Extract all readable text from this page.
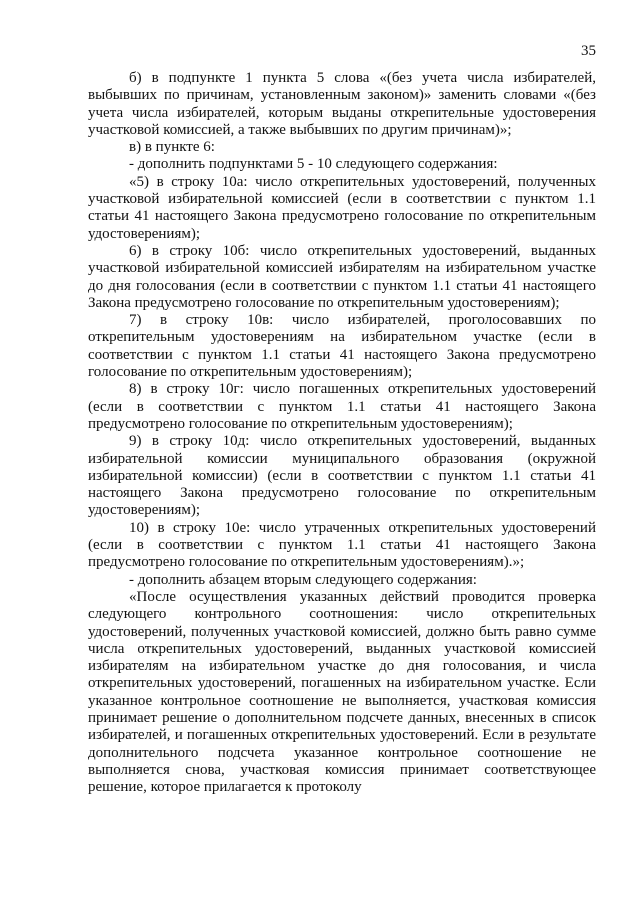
35

б) в подпункте 1 пункта 5 слова «(без учета числа избирателей, выбывших по причинам, установленным законом)» заменить словами «(без учета числа избирателей, которым выданы открепительные удостоверения участковой комиссией, а также выбывших по другим причинам)»;

в) в пункте 6:

- дополнить подпунктами 5 - 10 следующего содержания:

«5) в строку 10а: число открепительных удостоверений, полученных участковой избирательной комиссией (если в соответствии с пунктом 1.1 статьи 41 настоящего Закона предусмотрено голосование по открепительным удостоверениям);

6) в строку 10б: число открепительных удостоверений, выданных участковой избирательной комиссией избирателям на избирательном участке до дня голосования (если в соответствии с пунктом 1.1 статьи 41 настоящего Закона предусмотрено голосование по открепительным удостоверениям);

7) в строку 10в: число избирателей, проголосовавших по открепительным удостоверениям на избирательном участке (если в соответствии с пунктом 1.1 статьи 41 настоящего Закона предусмотрено голосование по открепительным удостоверениям);

8) в строку 10г: число погашенных открепительных удостоверений (если в соответствии с пунктом 1.1 статьи 41 настоящего Закона предусмотрено голосование по открепительным удостоверениям);

9) в строку 10д: число открепительных удостоверений, выданных избирательной комиссии муниципального образования (окружной избирательной комиссии) (если в соответствии с пунктом 1.1 статьи 41 настоящего Закона предусмотрено голосование по открепительным удостоверениям);

10) в строку 10е: число утраченных открепительных удостоверений (если в соответствии с пунктом 1.1 статьи 41 настоящего Закона предусмотрено голосование по открепительным удостоверениям).»;

- дополнить абзацем вторым следующего содержания:

«После осуществления указанных действий проводится проверка следующего контрольного соотношения: число открепительных удостоверений, полученных участковой комиссией, должно быть равно сумме числа открепительных удостоверений, выданных участковой комиссией избирателям на избирательном участке до дня голосования, и числа открепительных удостоверений, погашенных на избирательном участке. Если указанное контрольное соотношение не выполняется, участковая комиссия принимает решение о дополнительном подсчете данных, внесенных в список избирателей, и погашенных открепительных удостоверений. Если в результате дополнительного подсчета указанное контрольное соотношение не выполняется снова, участковая комиссия принимает соответствующее решение, которое прилагается к протоколу
